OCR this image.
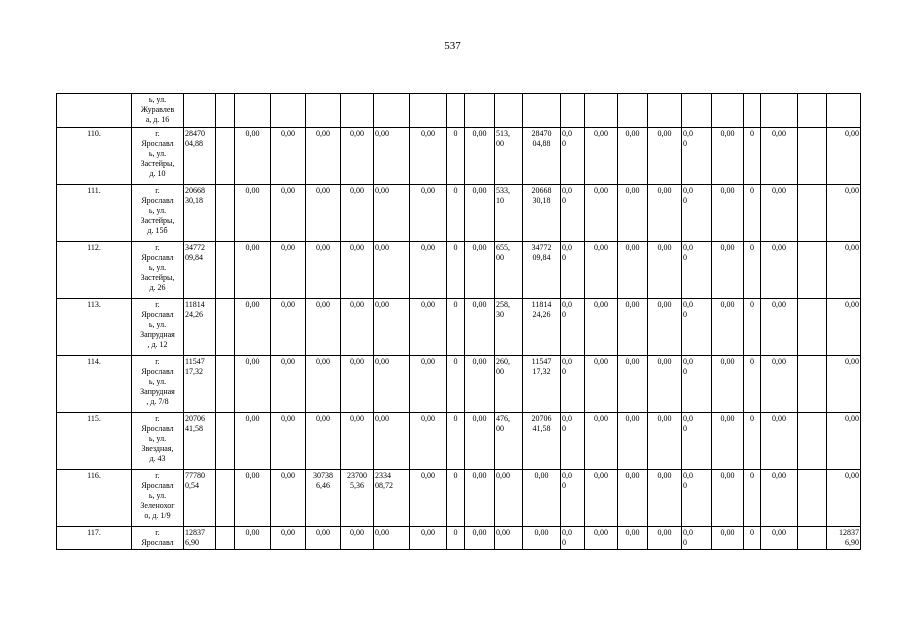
537

	ь, ул.
Журавлев
а, д. 16																						

110.	г.
Ярославл
ь, ул.
Застейры,
д. 10	28470
04,88		0,00	0,00	0,00	0,00	0,00	0,00	0	0,00	513,
00	28470
04,88	0,0
0	0,00	0,00	0,00	0,0
0	0,00	0	0,00		0,00
111.	г.
Ярославл
ь, ул.
Застейры,
д. 15б	20668
30,18		0,00	0,00	0,00	0,00	0,00	0,00	0	0,00	533,
10	20668
30,18	0,0
0	0,00	0,00	0,00	0,0
0	0,00	0	0,00		0,00
112.	г.
Ярославл
ь, ул.
Застейры,
д. 26	34772
09,84		0,00	0,00	0,00	0,00	0,00	0,00	0	0,00	655,
00	34772
09,84	0,0
0	0,00	0,00	0,00	0,0
0	0,00	0	0,00		0,00
113.	г.
Ярославл
ь, ул.
Запрудная
, д. 12	11814
24,26		0,00	0,00	0,00	0,00	0,00	0,00	0	0,00	258,
30	11814
24,26	0,0
0	0,00	0,00	0,00	0,0
0	0,00	0	0,00		0,00
114.	г.
Ярославл
ь, ул.
Запрудная
, д. 7/8	11547
17,32		0,00	0,00	0,00	0,00	0,00	0,00	0	0,00	260,
00	11547
17,32	0,0
0	0,00	0,00	0,00	0,0
0	0,00	0	0,00		0,00
115.	г.
Ярославл
ь, ул.
Звездная,
д. 43	20706
41,58		0,00	0,00	0,00	0,00	0,00	0,00	0	0,00	476,
00	20706
41,58	0,0
0	0,00	0,00	0,00	0,0
0	0,00	0	0,00		0,00
116.	г.
Ярославл
ь, ул.
Зеленохог
о, д. 1/9	77780
0,54		0,00	0,00	30738
6,46	23700
5,36	2334
08,72	0,00	0	0,00	0,00	0,00	0,0
0	0,00	0,00	0,00	0,0
0	0,00	0	0,00		0,00
117.	г.
Ярославл	12837
6,90		0,00	0,00	0,00	0,00	0,00	0,00	0	0,00	0,00	0,00	0,0
0	0,00	0,00	0,00	0,0
0	0,00	0	0,00		12837
6,90
